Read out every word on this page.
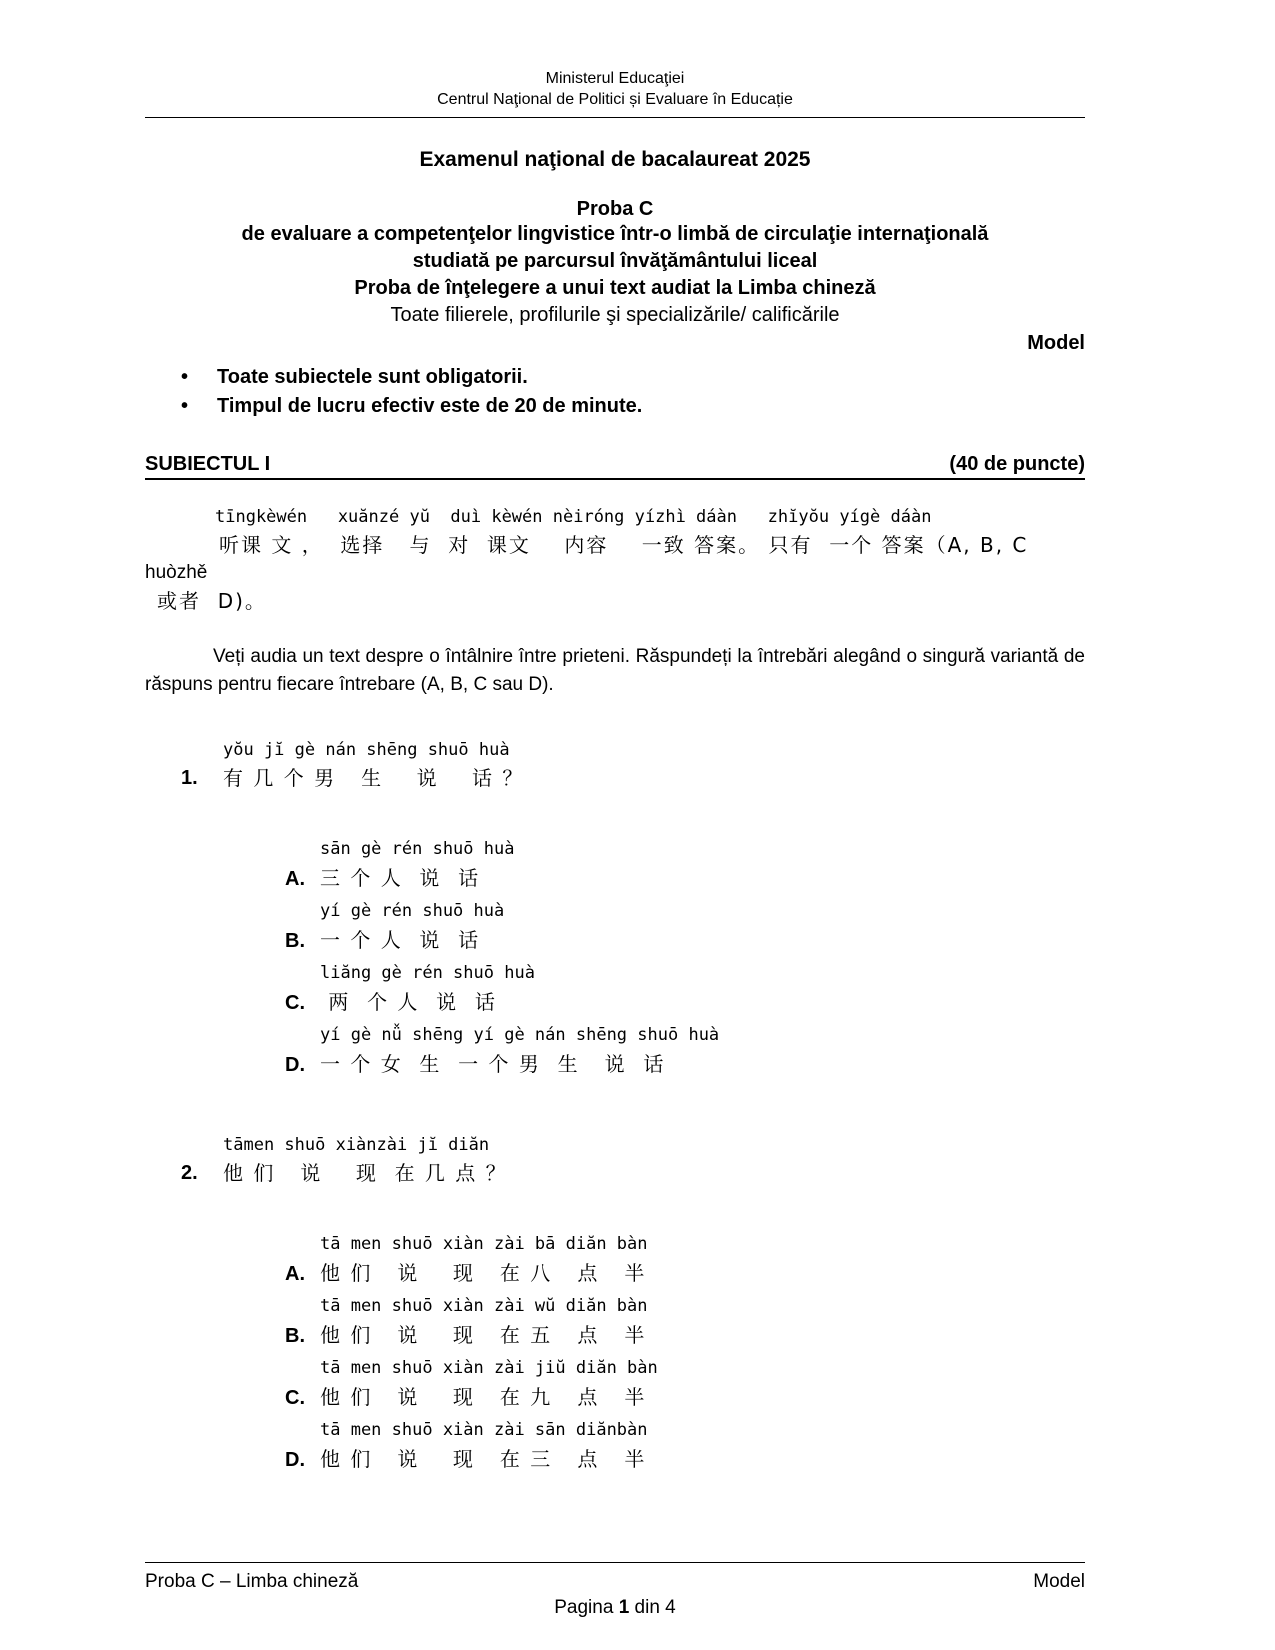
Ministerul Educaţiei
Centrul Naţional de Politici și Evaluare în Educație
Examenul naţional de bacalaureat 2025
Proba C
de evaluare a competenţelor lingvistice într-o limbă de circulaţie internaţională
studiată pe parcursul învăţământului liceal
Proba de înţelegere a unui text audiat la Limba chineză
Toate filierele, profilurile şi specializările/ calificările
Model
•	Toate subiectele sunt obligatorii.
•	Timpul de lucru efectiv este de 20 de minute.
SUBIECTUL I	(40 de puncte)
tīngkèwén   xuănzé yŭ  duì kèwén nèiróng yízhì dáàn   zhĭyŏu yígè dáàn
听课 文 ，  选择   与  对  课文    内容    一致 答案。 只有  一个 答案（A, B, C
huòzhě
或者  D)。

Veți audia un text despre o întâlnire între prieteni. Răspundeți la întrebări alegând o singură variantă de răspuns pentru fiecare întrebare (A, B, C sau D).

yŏu jĭ gè nán shēng shuō huà
1.	有 几 个 男   生    说    话 ？
sān gè rén shuō huà
A. 三 个 人  说  话
yí gè rén shuō huà
B. 一 个 人  说  话
liăng gè rén shuō huà
C. 两  个 人  说  话
yí gè nǚ shēng yí gè nán shēng shuō huà
D. 一 个 女  生  一 个 男  生   说  话
tāmen shuō xiànzài jĭ diăn
2.	他 们   说    现  在 几 点 ？
tā men shuō xiàn zài bā diăn bàn
A. 他 们   说    现   在 八   点   半
tā men shuō xiàn zài wŭ diăn bàn
B. 他 们   说    现   在 五   点   半
tā men shuō xiàn zài jiŭ diăn bàn
C. 他 们   说    现   在 九   点   半
tā men shuō xiàn zài sān diănbàn
D. 他 们   说    现   在 三   点   半
Proba C – Limba chineză	Model
Pagina 1 din 4
